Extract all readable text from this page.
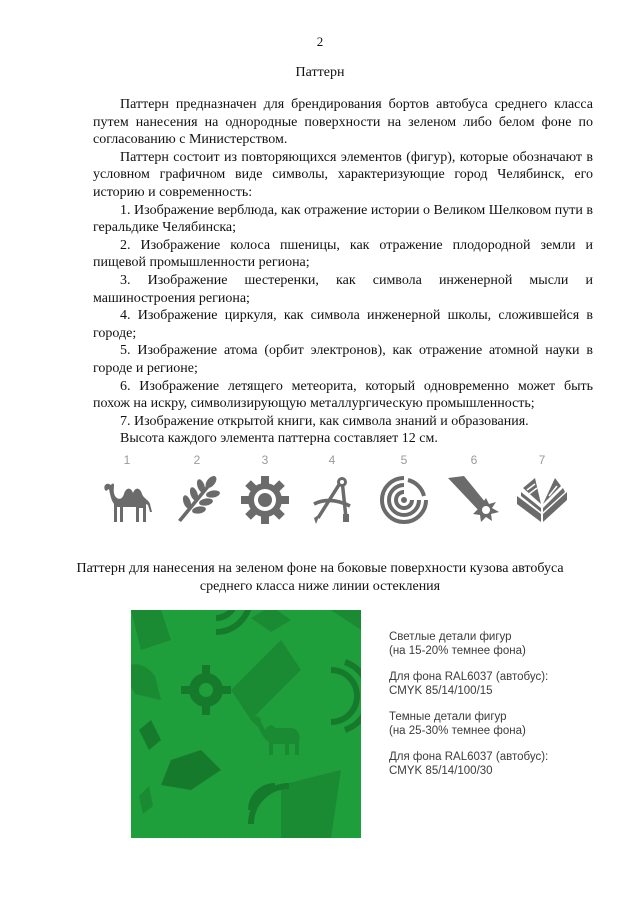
2
Паттерн

Паттерн предназначен для брендирования бортов автобуса среднего класса путем нанесения на однородные поверхности на зеленом либо белом фоне по согласованию с Министерством.

Паттерн состоит из повторяющихся элементов (фигур), которые обозначают в условном графичном виде символы, характеризующие город Челябинск, его историю и современность:

1. Изображение верблюда, как отражение истории о Великом Шелковом пути в геральдике Челябинска;

2. Изображение колоса пшеницы, как отражение плодородной земли и пищевой промышленности региона;

3. Изображение шестеренки, как символа инженерной мысли и машиностроения региона;

4. Изображение циркуля, как символа инженерной школы, сложившейся в городе;

5. Изображение атома (орбит электронов), как отражение атомной науки в городе и регионе;

6. Изображение летящего метеорита, который одновременно может быть похож на искру, символизирующую металлургическую промышленность;

7. Изображение открытой книги, как символа знаний и образования.

Высота каждого элемента паттерна составляет 12 см.

1	2	3	4	5	6	7
Паттерн для нанесения на зеленом фоне на боковые поверхности кузова автобуса
среднего класса ниже линии остекления
Светлые детали фигур
(на 15-20% темнее фона)
Для фона RAL6037 (автобус):
CMYK 85/14/100/15
Темные детали фигур
(на 25-30% темнее фона)
Для фона RAL6037 (автобус):
CMYK 85/14/100/30
